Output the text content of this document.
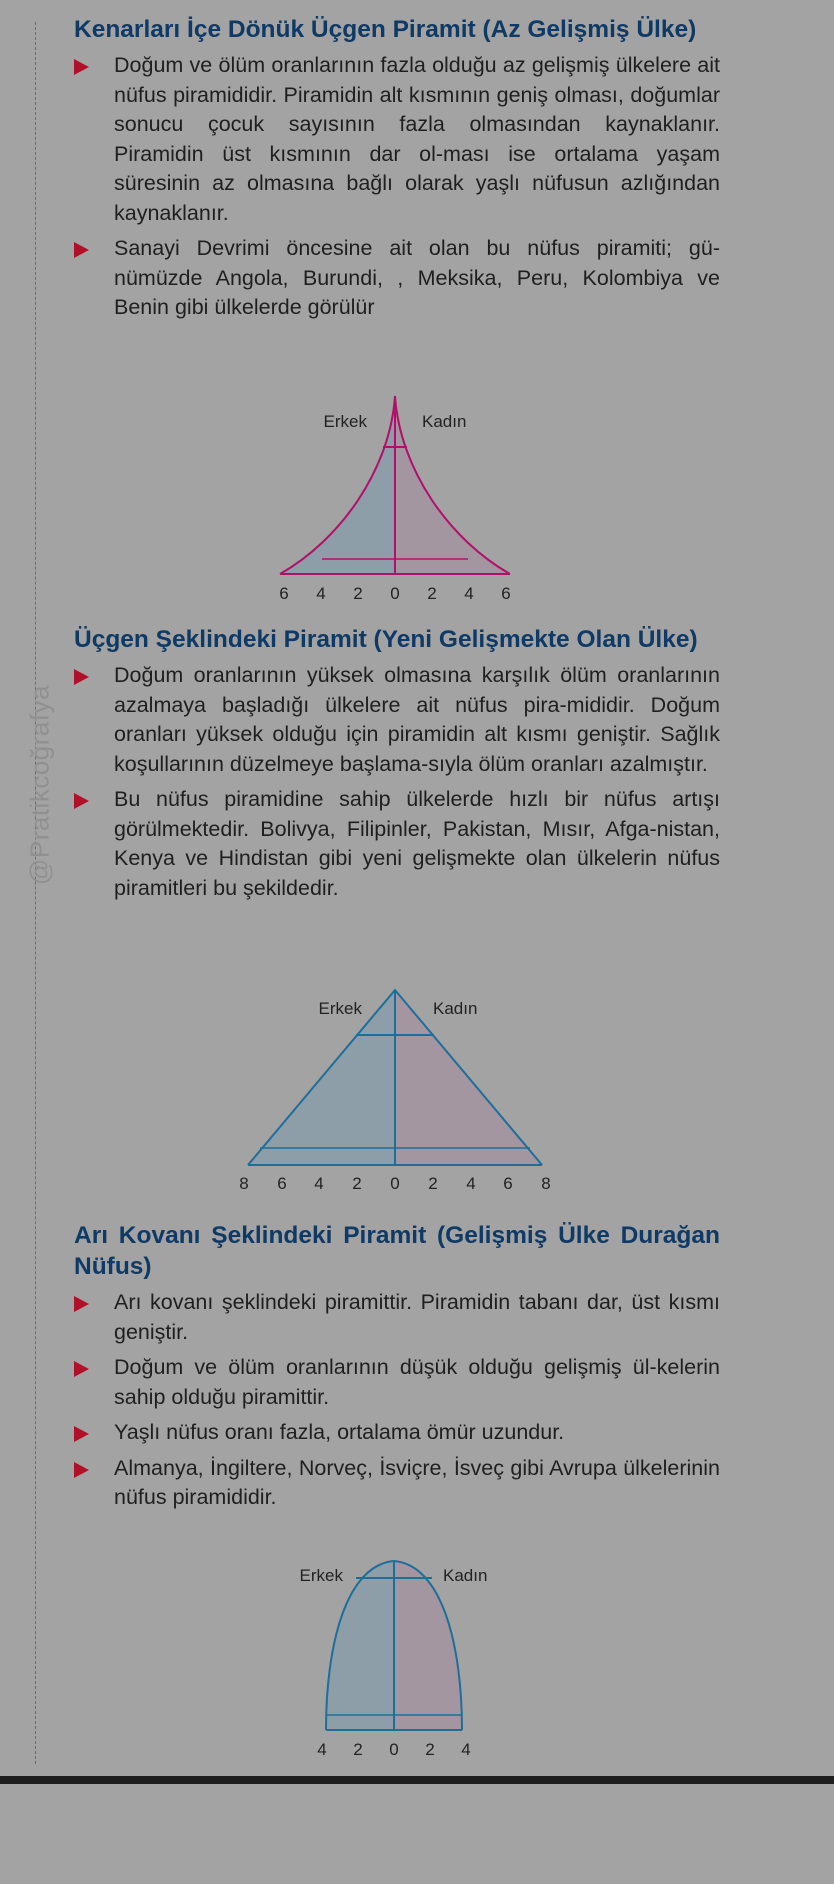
@Pratikcoğrafya
Kenarları İçe Dönük Üçgen Piramit (Az Gelişmiş Ülke)
Doğum ve ölüm oranlarının fazla olduğu az gelişmiş ülkelere ait nüfus piramididir. Piramidin alt kısmının geniş olması, doğumlar sonucu çocuk sayısının fazla olmasından kaynaklanır. Piramidin üst kısmının dar ol-ması ise ortalama yaşam süresinin az olmasına bağlı olarak yaşlı nüfusun azlığından kaynaklanır.
Sanayi Devrimi öncesine ait olan bu nüfus piramiti; gü-nümüzde Angola, Burundi, , Meksika, Peru, Kolombiya ve Benin gibi ülkelerde görülür
Erkek	Kadın
6 4 2 0 2 4 6
Üçgen Şeklindeki Piramit (Yeni Gelişmekte Olan Ülke)
Doğum oranlarının yüksek olmasına karşılık ölüm oranlarının azalmaya başladığı ülkelere ait nüfus pira-mididir. Doğum oranları yüksek olduğu için piramidin alt kısmı geniştir. Sağlık koşullarının düzelmeye başlama-sıyla ölüm oranları azalmıştır.
Bu nüfus piramidine sahip ülkelerde hızlı bir nüfus artışı görülmektedir. Bolivya, Filipinler, Pakistan, Mısır, Afga-nistan, Kenya ve Hindistan gibi yeni gelişmekte olan ülkelerin nüfus piramitleri bu şekildedir.
Erkek	Kadın
8 6 4 2 0 2 4 6 8
Arı Kovanı Şeklindeki Piramit (Gelişmiş Ülke Durağan Nüfus)
Arı kovanı şeklindeki piramittir. Piramidin tabanı dar, üst kısmı geniştir.
Doğum ve ölüm oranlarının düşük olduğu gelişmiş ül-kelerin sahip olduğu piramittir.
Yaşlı nüfus oranı fazla, ortalama ömür uzundur.
Almanya, İngiltere, Norveç, İsviçre, İsveç gibi Avrupa ülkelerinin nüfus piramididir.
Erkek	Kadın
4 2 0 2 4
